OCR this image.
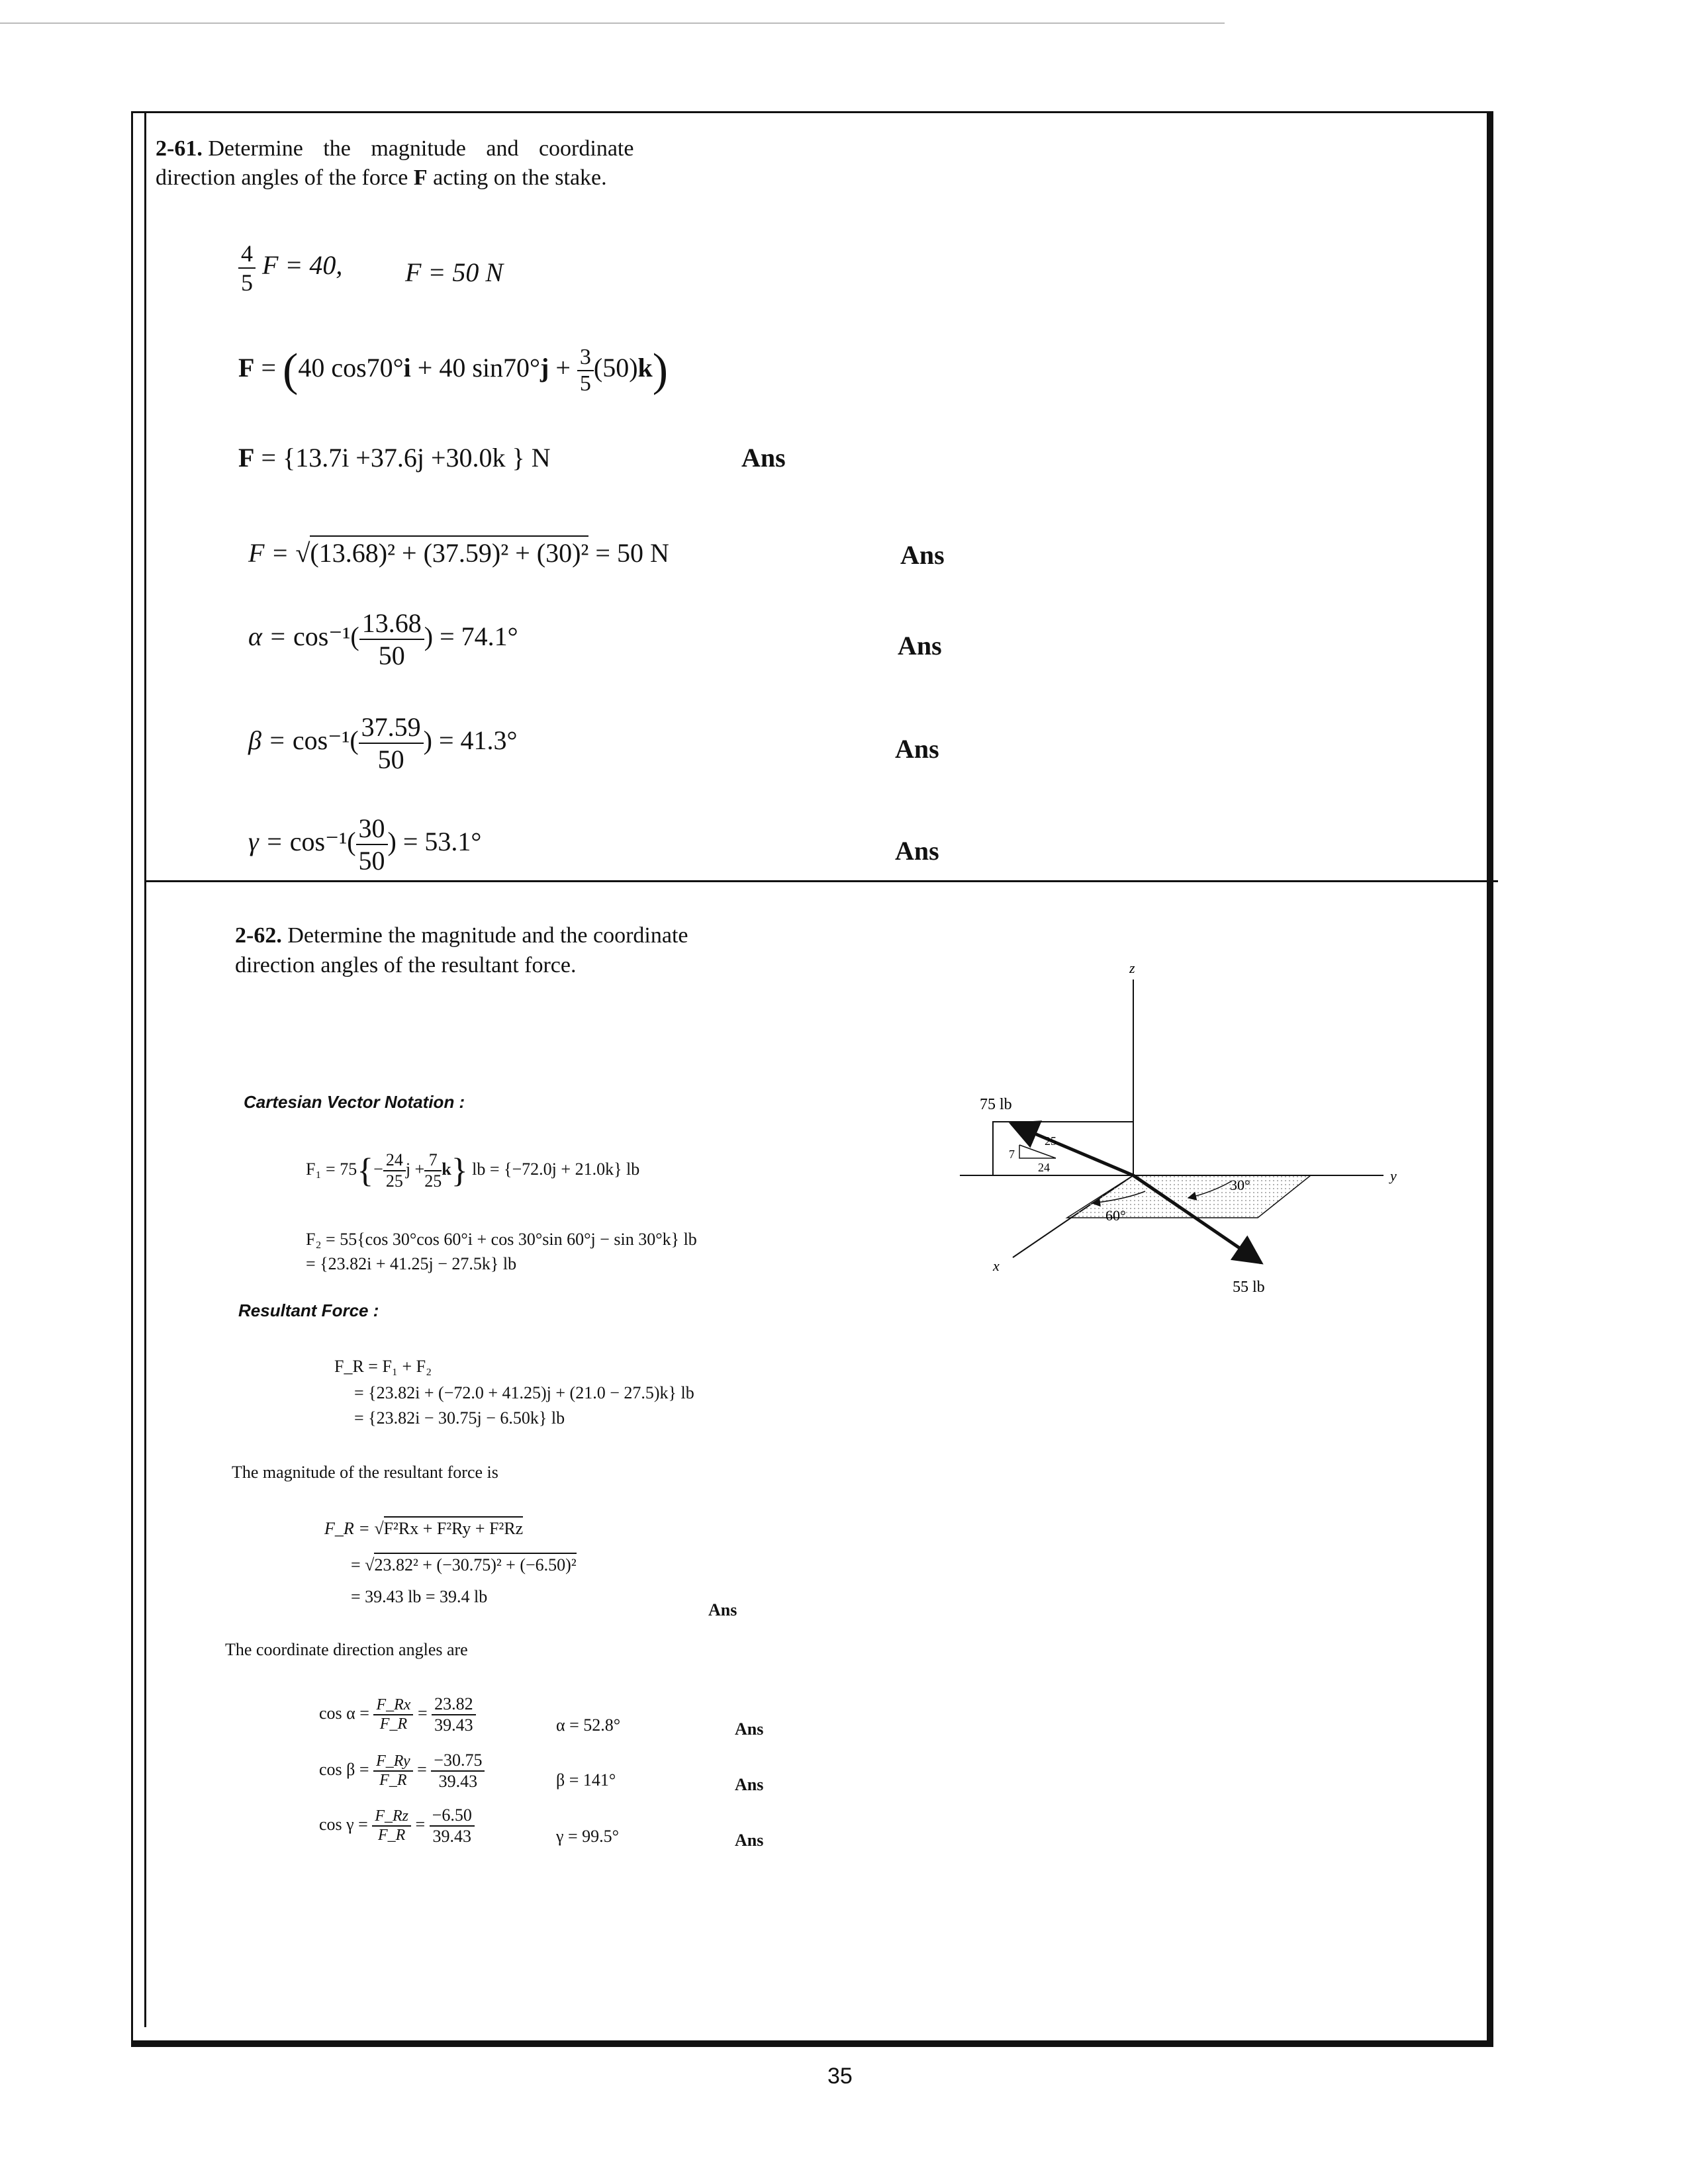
2-61. Determine the magnitude and coordinate
direction angles of the force F acting on the stake.
$\frac{4}{5}$ F = 40, F = 50 N
F = (40 cos70°i + 40 $\sin 70^\circ j + \frac{3}{5} (50)k$)
F = {13.7i +37.6j +30.0k } N	Ans
F = √(13.68)² + (37.59)² + (30)² = 50 N	Ans
$\alpha = \cos^{-1}( \frac{13.68}{50}$ ) = 74.1°	Ans
$\beta = \cos^{-1}( \frac{37.59}{50}$ ) = 41.3°	Ans
$\gamma = \cos^{-1}( \frac{30}{50}$ ) = 53.1°	Ans
2-62. Determine the magnitude and the coordinate
direction angles of the resultant force.
Cartesian Vector Notation :
$F_1 = 75\{- \frac{24}{25}$ $j + \frac{7}{25} k$} lb = {−72.0j + 21.0k} lb
F₂ = 55{cos 30°cos 60°i + cos 30°sin 60°j − sin 30°k} lb
= {23.82i + 41.25j − 27.5k} lb
Resultant Force :
F_R = F₁ + F₂
= {23.82i + (−72.0 + 41.25)j + (21.0 − 27.5)k} lb
= {23.82i − 30.75j − 6.50k} lb
The magnitude of the resultant force is
F_R = √F²Rx + F²Ry + F²Rz
= √23.82² + (−30.75)² + (−6.50)²
= 39.43 lb = 39.4 lb
Ans
The coordinate direction angles are
$\cos \alpha = \frac{F\_Rx}{F\_R} = \frac{23.82}{39.43}$	α = 52.8°	Ans
$\cos \beta = \frac{F\_Ry}{F\_R} = \frac{-30.75}{39.43}$	β = 141°	Ans
$\cos \gamma = \frac{F\_Rz}{F\_R} = \frac{-6.50}{39.43}$	γ = 99.5°	Ans
z
y
x
75 lb
25
7
24
55 lb
60°
30°
35
